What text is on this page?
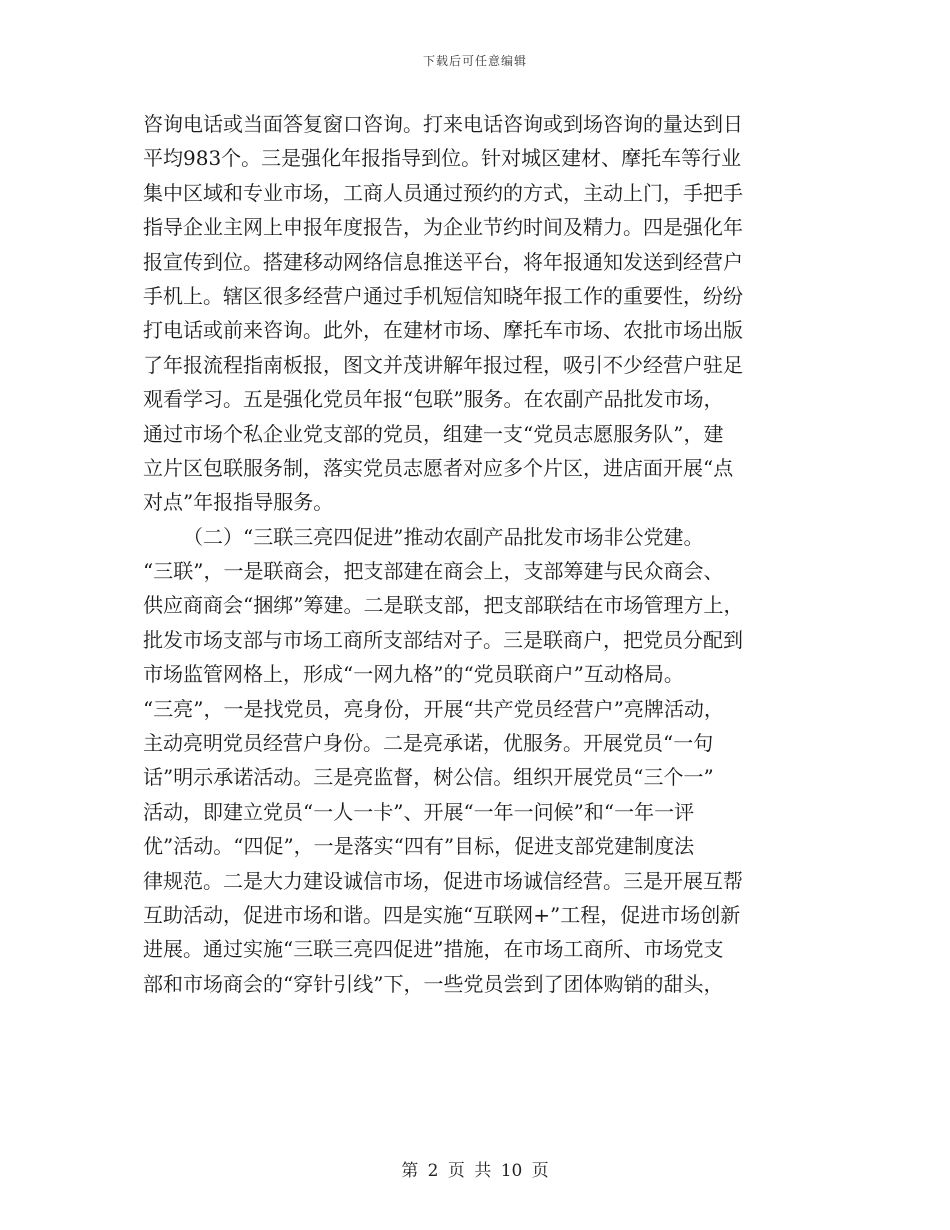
下载后可任意编辑
咨询电话或当面答复窗口咨询。打来电话咨询或到场咨询的量达到日
平均983个。三是强化年报指导到位。针对城区建材、摩托车等行业
集中区域和专业市场，工商人员通过预约的方式，主动上门，手把手
指导企业主网上申报年度报告，为企业节约时间及精力。四是强化年
报宣传到位。搭建移动网络信息推送平台，将年报通知发送到经营户
手机上。辖区很多经营户通过手机短信知晓年报工作的重要性，纷纷
打电话或前来咨询。此外，在建材市场、摩托车市场、农批市场出版
了年报流程指南板报，图文并茂讲解年报过程，吸引不少经营户驻足
观看学习。五是强化党员年报“包联”服务。在农副产品批发市场，
通过市场个私企业党支部的党员，组建一支“党员志愿服务队”，建
立片区包联服务制，落实党员志愿者对应多个片区，进店面开展“点
对点”年报指导服务。
（二）“三联三亮四促进”推动农副产品批发市场非公党建。
“三联”，一是联商会，把支部建在商会上，支部筹建与民众商会、
供应商商会“捆绑”筹建。二是联支部，把支部联结在市场管理方上，
批发市场支部与市场工商所支部结对子。三是联商户，把党员分配到
市场监管网格上，形成“一网九格”的“党员联商户”互动格局。
“三亮”，一是找党员，亮身份，开展“共产党员经营户”亮牌活动，
主动亮明党员经营户身份。二是亮承诺，优服务。开展党员“一句
话”明示承诺活动。三是亮监督，树公信。组织开展党员“三个一”
活动，即建立党员“一人一卡”、开展“一年一问候”和“一年一评
优”活动。“四促”，一是落实“四有”目标，促进支部党建制度法
律规范。二是大力建设诚信市场，促进市场诚信经营。三是开展互帮
互助活动，促进市场和谐。四是实施“互联网+”工程，促进市场创新
进展。通过实施“三联三亮四促进”措施，在市场工商所、市场党支
部和市场商会的“穿针引线”下，一些党员尝到了团体购销的甜头，
第 2 页 共 10 页
